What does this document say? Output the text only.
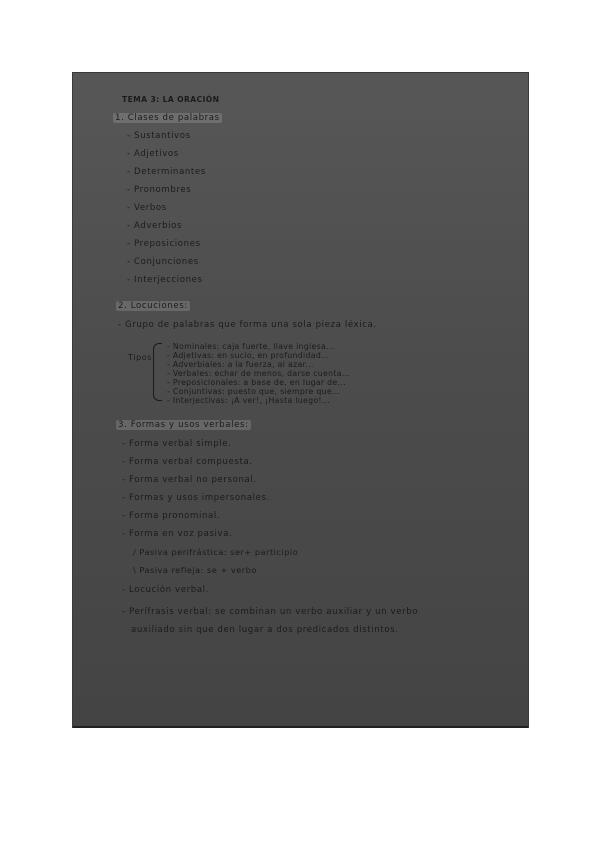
TEMA 3: LA ORACIÓN
1. Clases de palabras
- Sustantivos
- Adjetivos
- Determinantes
- Pronombres
- Verbos
- Adverbios
- Preposiciones
- Conjunciones
- Interjecciones
2. Locuciones:
- Grupo de palabras que forma una sola pieza léxica.
Tipos
- Nominales: caja fuerte, llave inglesa...
- Adjetivas: en sucio, en profundidad...
- Adverbiales: a la fuerza, al azar...
- Verbales: echar de menos, darse cuenta...
- Preposicionales: a base de, en lugar de...
- Conjuntivas: puesto que, siempre que...
- Interjectivas: ¡A ver!, ¡Hasta luego!...
3. Formas y usos verbales:
- Forma verbal simple.
- Forma verbal compuesta.
- Forma verbal no personal.
- Formas y usos impersonales.
- Forma pronominal.
- Forma en voz pasiva.
/ Pasiva perifrástica: ser+ participio
\ Pasiva refleja: se + verbo
- Locución verbal.
- Perífrasis verbal: se combinan un verbo auxiliar y un verbo
auxiliado sin que den lugar a dos predicados distintos.
